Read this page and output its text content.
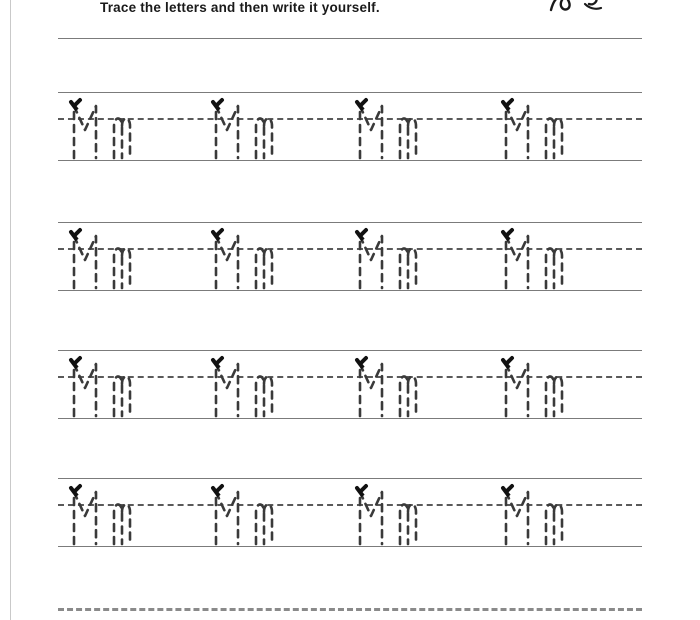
Trace the letters and then write it yourself.
